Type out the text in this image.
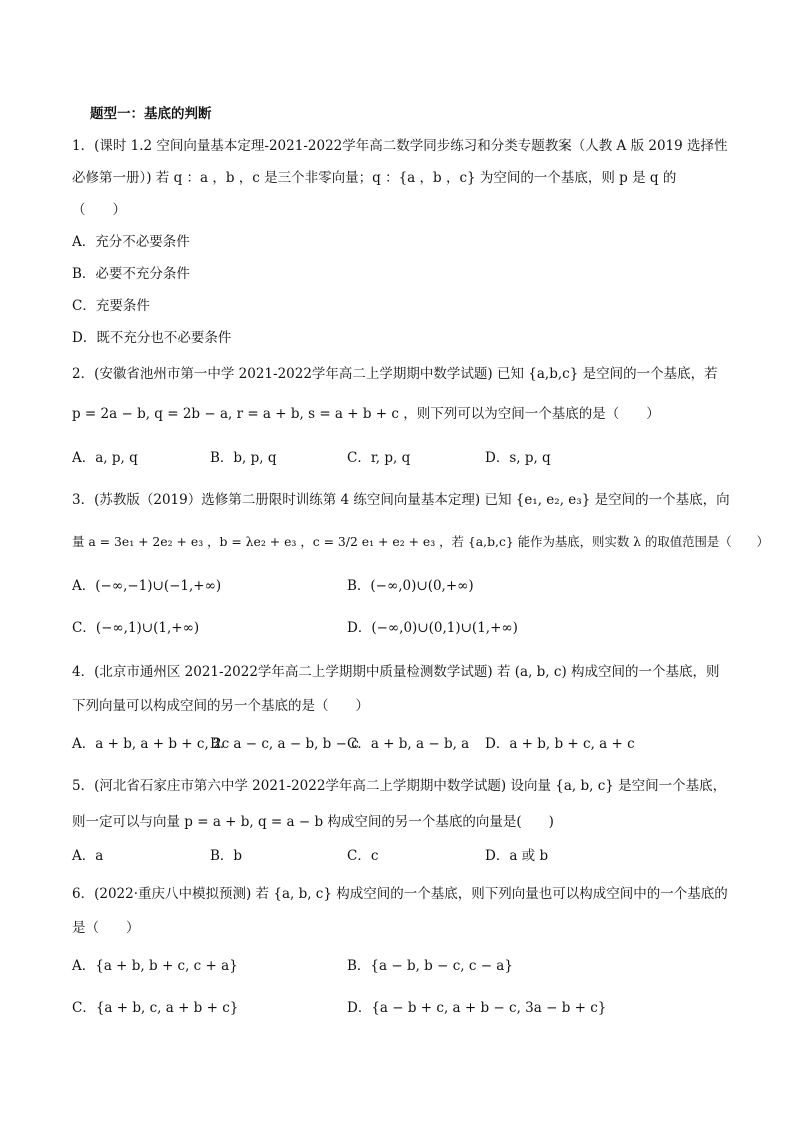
题型一：基底的判断
1．(课时 1.2 空间向量基本定理-2021-2022学年高二数学同步练习和分类专题教案（人教 A 版 2019 选择性
必修第一册）) 若 q ：a ，b ，c 是三个非零向量；q ：{a ，b ，c} 为空间的一个基底，则 p 是 q 的
（　　）
A．充分不必要条件
B．必要不充分条件
C．充要条件
D．既不充分也不必要条件
2．(安徽省池州市第一中学 2021-2022学年高二上学期期中数学试题) 已知 {a,b,c} 是空间的一个基底，若
p = 2a − b, q = 2b − a, r = a + b, s = a + b + c ，则下列可以为空间一个基底的是（　　）
A．a, p, q	B．b, p, q	C．r, p, q	D．s, p, q
3．(苏教版（2019）选修第二册限时训练第 4 练空间向量基本定理) 已知 {e₁, e₂, e₃} 是空间的一个基底，向
量 a = 3e₁ + 2e₂ + e₃ ，b = λe₂ + e₃ ，c = 3/2 e₁ + e₂ + e₃ ，若 {a,b,c} 能作为基底，则实数 λ 的取值范围是（　　）
A．(−∞,−1)∪(−1,+∞)	B．(−∞,0)∪(0,+∞)
C．(−∞,1)∪(1,+∞)	D．(−∞,0)∪(0,1)∪(1,+∞)
4．(北京市通州区 2021-2022学年高二上学期期中质量检测数学试题) 若 (a, b, c) 构成空间的一个基底，则
下列向量可以构成空间的另一个基底的是（　　）
A．a + b, a + b + c, 2c
B．a − c, a − b, b − c
C．a + b, a − b, a D．a + b, b + c, a + c
5．(河北省石家庄市第六中学 2021-2022学年高二上学期期中数学试题) 设向量 {a, b, c} 是空间一个基底，
则一定可以与向量 p = a + b, q = a − b 构成空间的另一个基底的向量是(　　)
A．a	B．b	C．c	D．a 或 b
6．(2022·重庆八中模拟预测) 若 {a, b, c} 构成空间的一个基底，则下列向量也可以构成空间中的一个基底的
是（　　）
A．{a + b, b + c, c + a}	B．{a − b, b − c, c − a}
C．{a + b, c, a + b + c}	D．{a − b + c, a + b − c, 3a − b + c}
